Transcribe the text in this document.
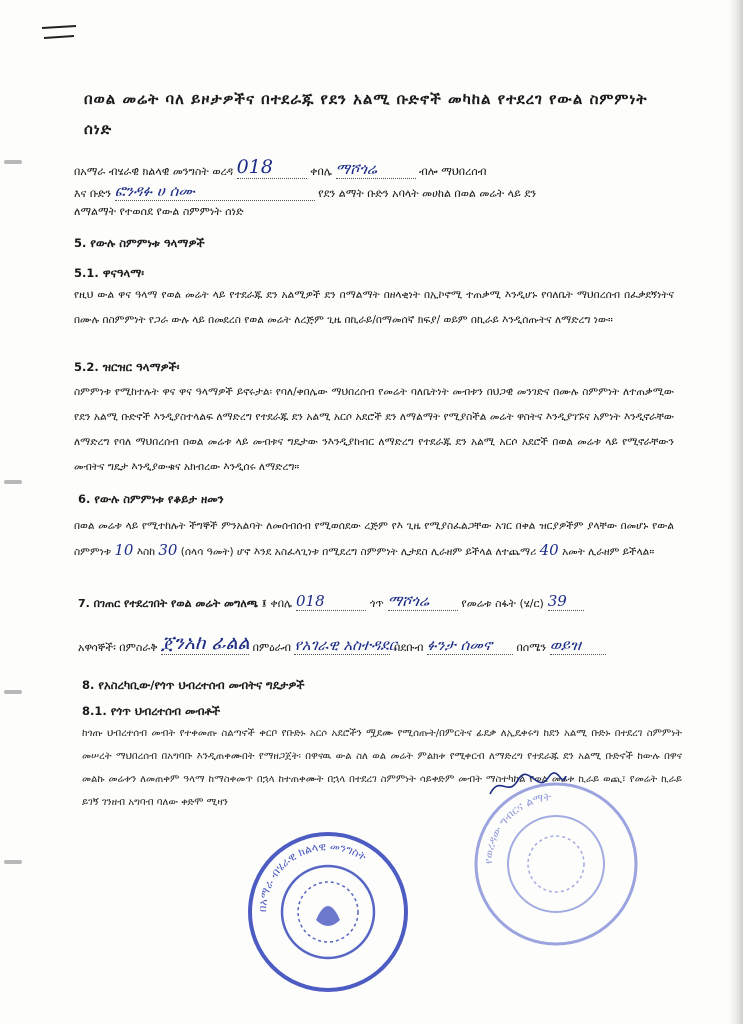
በወል መሬት ባለ ይዞታዎችና በተደራጁ የደን አልሚ ቡድኖች መካከል የተደረገ የውል ስምምነት ሰነድ
በአማራ ብሄራዊ ክልላዊ መንግስት ወረዳ 018	ቀበሌ ማሾጎሬ	ብሎ ማህበረሰብ
እና ቡድን ፎንዳፉ ሀ ሰሙ	የደን ልማት ቡድን አባላት መሀከል በወል መሬት ላይ ደን
ለማልማት የተወሰደ የውል ስምምነት ሰነድ
5. የውሉ ስምምነቱ ዓላማዎች
5.1. ዋናዓላማ፡
የዚህ ውል ዋና ዓላማ የወል መሬት ላይ የተደራጁ ደን አልሚዎች ደን በማልማት በዘላቂነት በኢኮኖሚ ተጠቃሚ እንዲሆኑ የባለቤት ማህበረሰብ በፈቃደኝነትና በሙሉ በስምምነት የጋራ ውሉ ላይ በመደረስ የወል መሬት ለረጅም ጊዜ በኪራይ/በማመሰኛ ክፍያ/ ወይም በኪራይ እንዲሰጡትና ለማድረግ ነው።
5.2. ዝርዝር ዓላማዎች፡
ስምምነቱ የሚከተሉት ዋና ዋና ዓላማዎች ይኖሩታል፡ የባለ/ቀበሌው ማህበረሰብ የመሬት ባለቤትነት መብቱን በህጋዊ መንገድና በሙሉ ስምምነት ለተጠቃሚው የደን አልሚ ቡድኖች እንዲያስተላልፍ ለማድረግ የተደራጁ ደን አልሚ አርሶ አደሮች ደን ለማልማት የሚያስችል መሬት ዋስትና እንዲያገኙና አምነት እንዲኖራቸው ለማድረግ የባለ ማህበረሰብ በወል መሬቱ ላይ መብቱና ግዴታው ንእንዲያከብር ለማድረግ የተደራጁ ደን አልሚ አርሶ አደሮች በወል መሬቱ ላይ የሚኖራቸውን መብትና ግዴታ እንዲያውቁና አክብረው እንዲሰሩ ለማድረግ።
6. የውሉ ስምምነቱ የቆይታ ዘመን
በወል መሬቱ ላይ የሚተከሉት ችግኞች ምንአልባት ለመሰብሰብ የሚወሰደው ረጅም የእ ጊዜ የሚያስፈልጋቸው አገር በቀል ዝርያዎችም ያላቸው በመሆኑ የውል ስምምነቱ 10 እስከ 30 (ሰላሳ ዓመት) ሆኖ እንደ አስፈላጊነቱ በሚደረግ ስምምነት ሊታደስ ሊራዘም ይችላል ለተጨማሪ 40 አመት ሊራዘም ይችላል።
7. በገጠር የተደረገበት የወል መሬት መግለጫ ፤ ቀበሌ 018	ጎጥ ማሾጎሬ	የመሬቱ ስፋት (ሄ/ር) 39
አዋሳኞች፡ በምስራቅ ጀንአከ ፊልል በምዕራብ የአገራዊ አስተዳደር በደቡብ ፉንታ ሰመኖ በሰሜን ወይዝ
8. የአስረካቢው/የጎጥ ህብረተሰብ መብትና ግዴታዎች
8.1. የጎጥ ህብረተሰብ መብቶች
ከጎጡ ህብረተሰብ መብት የተቀመጡ ስልጣኖች ቀርቦ የቡድኑ አርሶ አደሮችን ሟደሙ የሚሰጡት/በምርትና ፊደቃ ለኢዴቀሩግ ከደን አልሚ ቡድኑ በተደረገ ስምምነት መሠረት ማህበረሰብ በአግባቡ እንዲጠቀሙበት የማዘጋጀት፡ በዋናዉ ውል ስለ ወል መሬት ምልክቱ የሚቀርብ ለማድረግ የተደራጁ ደን አልሚ ቡድኖች ከውሉ በዋና መልኩ መሬቱን ለመጠቀም ዓላማ ከማስቀመጥ በኋላ ከተጠቀሙት በኋላ በተደረገ ስምምነት ሳይቀድም መብት ማስተካከል የወል መሬቱ ኪራይ ወጪ፣ የመሬት ኪራይ ይገኝ ገንዘብ አግባብ ባለው ቀድሞ ሚዛን
በአማራ ብሄራዊ ክልላዊ መንግስት	የወረዳው ግብርና ልማት
